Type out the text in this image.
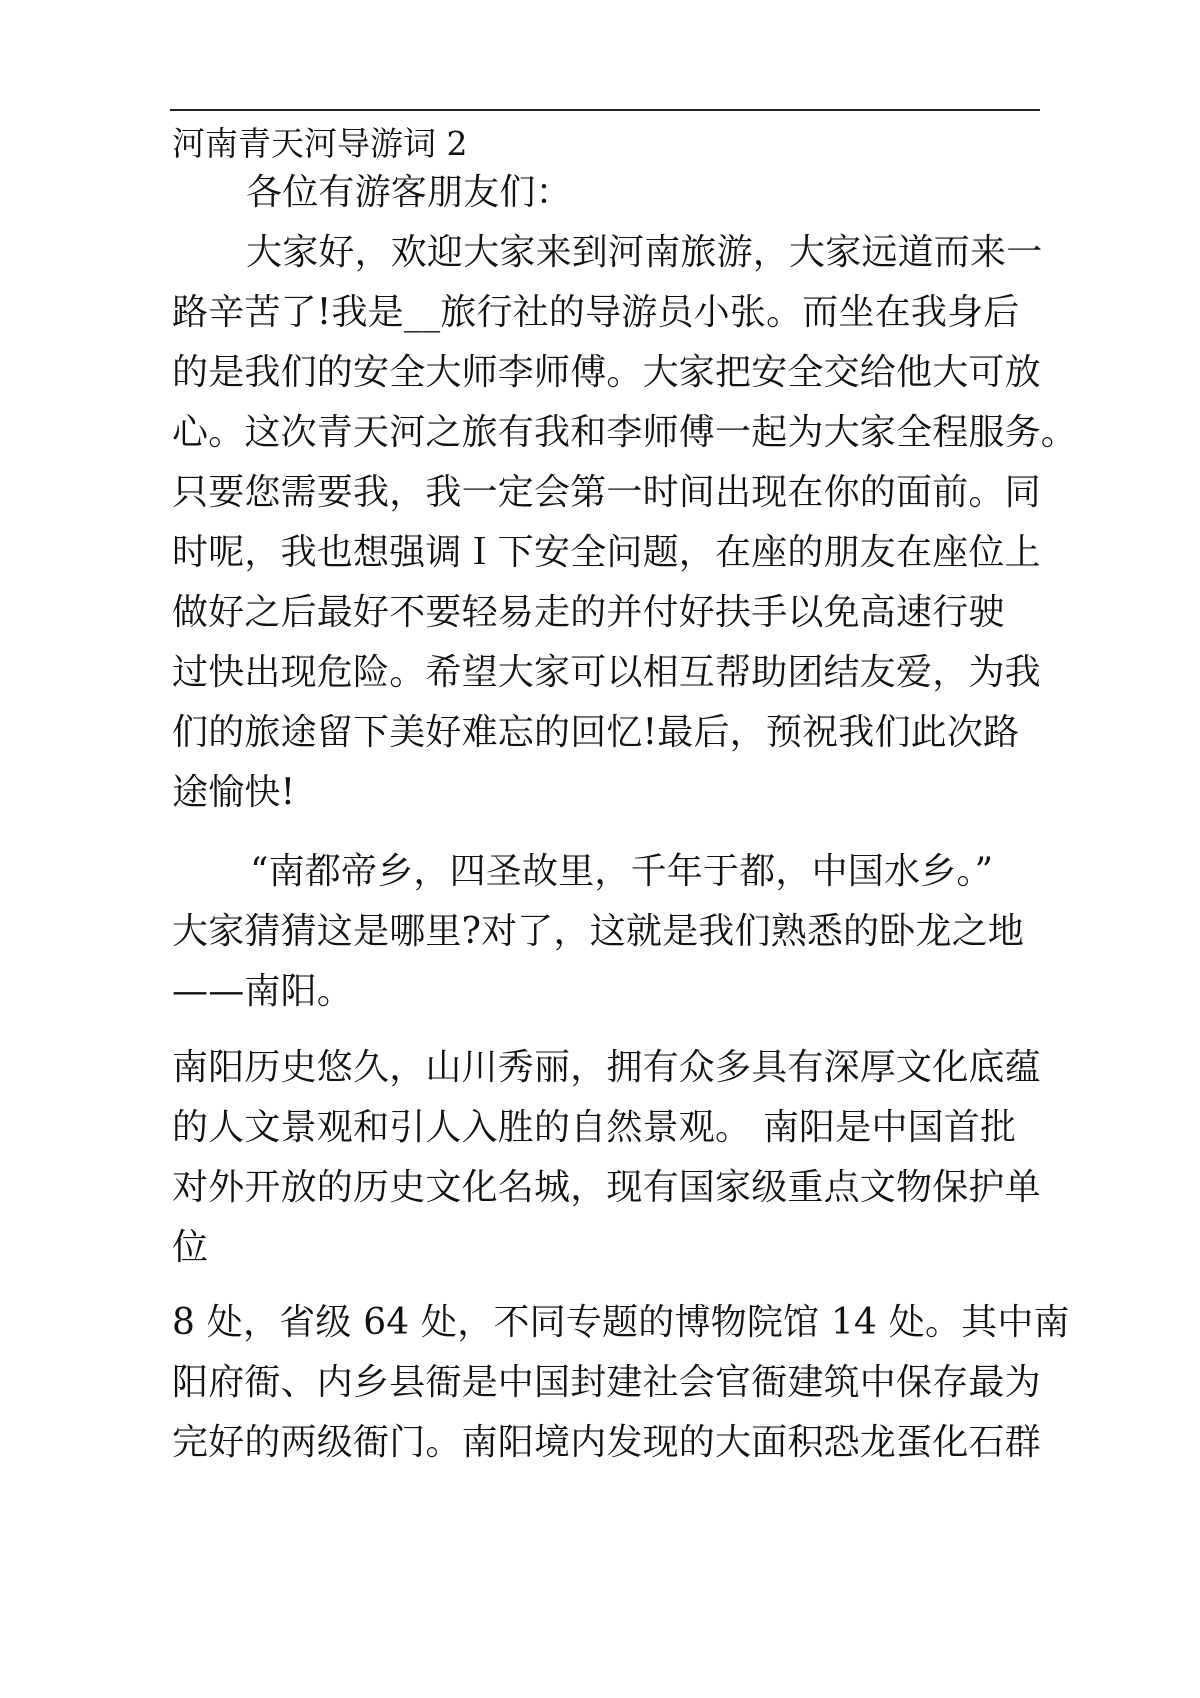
河南青天河导游词 2
各位有游客朋友们：
大家好，欢迎大家来到河南旅游，大家远道而来一
路辛苦了!我是__旅行社的导游员小张。而坐在我身后
的是我们的安全大师李师傅。大家把安全交给他大可放
心。这次青天河之旅有我和李师傅一起为大家全程服务。
只要您需要我，我一定会第一时间出现在你的面前。同
时呢，我也想强调Ｉ下安全问题，在座的朋友在座位上
做好之后最好不要轻易走的并付好扶手以免高速行驶
过快出现危险。希望大家可以相互帮助团结友爱，为我
们的旅途留下美好难忘的回忆!最后，预祝我们此次路
途愉快!
“南都帝乡，四圣故里，千年于都，中国水乡。”
大家猜猜这是哪里?对了，这就是我们熟悉的卧龙之地
——南阳。
南阳历史悠久，山川秀丽，拥有众多具有深厚文化底蕴
的人文景观和引人入胜的自然景观。 南阳是中国首批
对外开放的历史文化名城，现有国家级重点文物保护单
位
8 处，省级 64 处，不同专题的博物院馆 14 处。其中南
阳府衙、内乡县衙是中国封建社会官衙建筑中保存最为
完好的两级衙门。南阳境内发现的大面积恐龙蛋化石群
